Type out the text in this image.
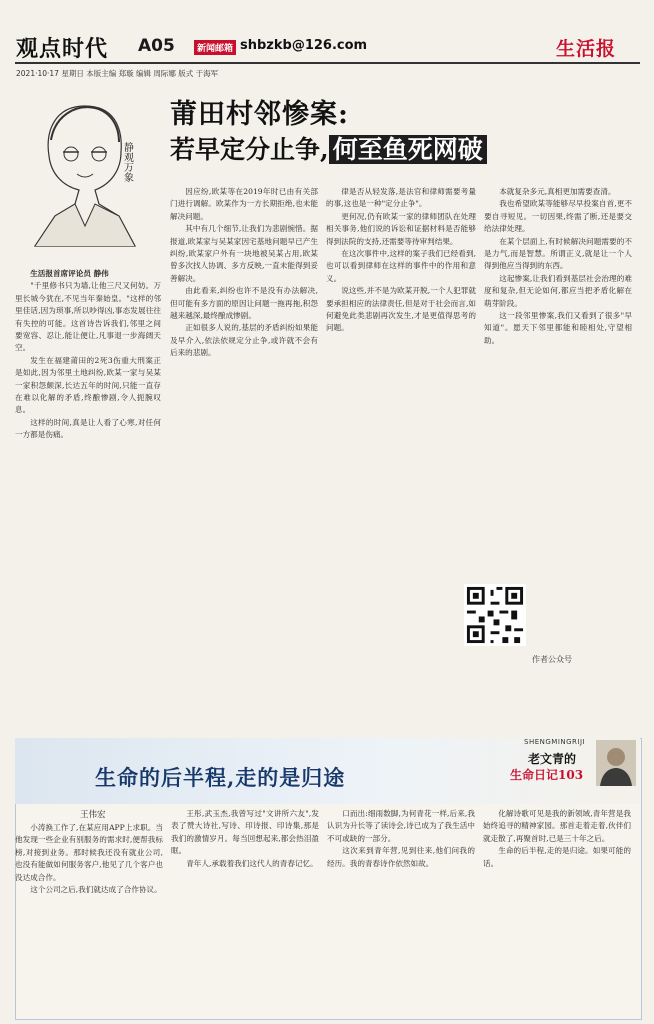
观点时代 A05	新闻邮箱 shbzkb@126.com	生活报
2021·10·17 星期日 本版主编 郑璇 编辑 周际娜 版式 于海军
静观万象
莆田村邻惨案:
若早定分止争, 何至鱼死网破

生活报首席评论员 静伟

"千里修书只为墙,让他三尺又何妨。万里长城今犹在,不见当年秦始皇。"这样的邻里佳话,因为琐事,所以吵得凶,事态发展往往有失控的可能。这首诗告诉我们,邻里之间要宽容、忍让,能让便让,凡事退一步海阔天空。

发生在福建莆田的2死3伤重大刑案正是如此,因为邻里土地纠纷,欧某一家与吴某一家积怨颇深,长达五年的时间,只能一直存在难以化解的矛盾,终酿惨剧,令人扼腕叹息。

这样的时间,真是让人看了心寒,对任何一方都是伤痛。

因应纷,欧某等在2019年时已由有关部门进行调解。欧某作为一方长期拒绝,也未能解决问题。

其中有几个细节,让我们为悲剧惋惜。据报道,欧某家与吴某家因宅基地问题早已产生纠纷,欧某家户外有一块地被吴某占用,欧某曾多次找人协调、多方反映,一直未能得到妥善解决。

由此看来,纠纷也许不是没有办法解决,但可能有多方面的原因让问题一拖再拖,积怨越来越深,最终酿成惨剧。

正如很多人说的,基层的矛盾纠纷如果能及早介入,依法依规定分止争,或许就不会有后来的悲剧。

律是否从轻发落,是法官和律师需要考量的事,这也是一种"定分止争"。

更何况,仍有欧某一家的律师团队在处理相关事务,他们说的诉讼和证据材料是否能够得到法院的支持,还需要等待审判结果。

在这次事件中,这样的案子我们已经看到,也可以看到律师在这样的事件中的作用和意义。

说这些,并不是为欧某开脱,一个人犯罪就要承担相应的法律责任,但是对于社会而言,如何避免此类悲剧再次发生,才是更值得思考的问题。

本就复杂多元,真相更加需要查清。

我也希望欧某等能够尽早投案自首,更不要自寻短见。一切因果,终需了断,还是要交给法律处理。

在某个层面上,有时候解决问题需要的不是力气,而是智慧。所谓正义,就是让一个人得到他应当得到的东西。

这起惨案,让我们看到基层社会治理的难度和复杂,但无论如何,都应当把矛盾化解在萌芽阶段。

这一段邻里惨案,我们又看到了很多"早知道"。愿天下邻里都能和睦相处,守望相助。

作者公众号
生命的后半程,走的是归途
SHENGMINGRIJI
老文青的
生命日记103
王伟宏

小涛换工作了,在某应用APP上求职。当他发现一些企业有别服务的需求时,便帮我标榜,对接到业务。那时候我还没有就业公司,也没有能做如何服务客户,他见了几个客户也没达成合作。

这个公司之后,我们就达成了合作协议。

王彤,武玉杰,我曾写过"文讲所六友",发表了赞大诗社,写诗、印诗报、印诗集,那是我们的激情岁月。每当回想起来,都会热泪盈眶。

青年人,承载着我们这代人的青春记忆。

口而出:细雨数脚,为何青花一样,后来,我认识为升长等了读诗会,诗已成为了我生活中不可或缺的一部分。

这次来到青年营,见到往来,他们问我的经历。我的青春诗作依然如故。

化解诗歌可见是我的新领域,青年营是我始终追寻的精神家园。那首走着走着,伙伴们就走散了,再聚首时,已是三十年之后。

生命的后半程,走的是归途。如果可能的话。
